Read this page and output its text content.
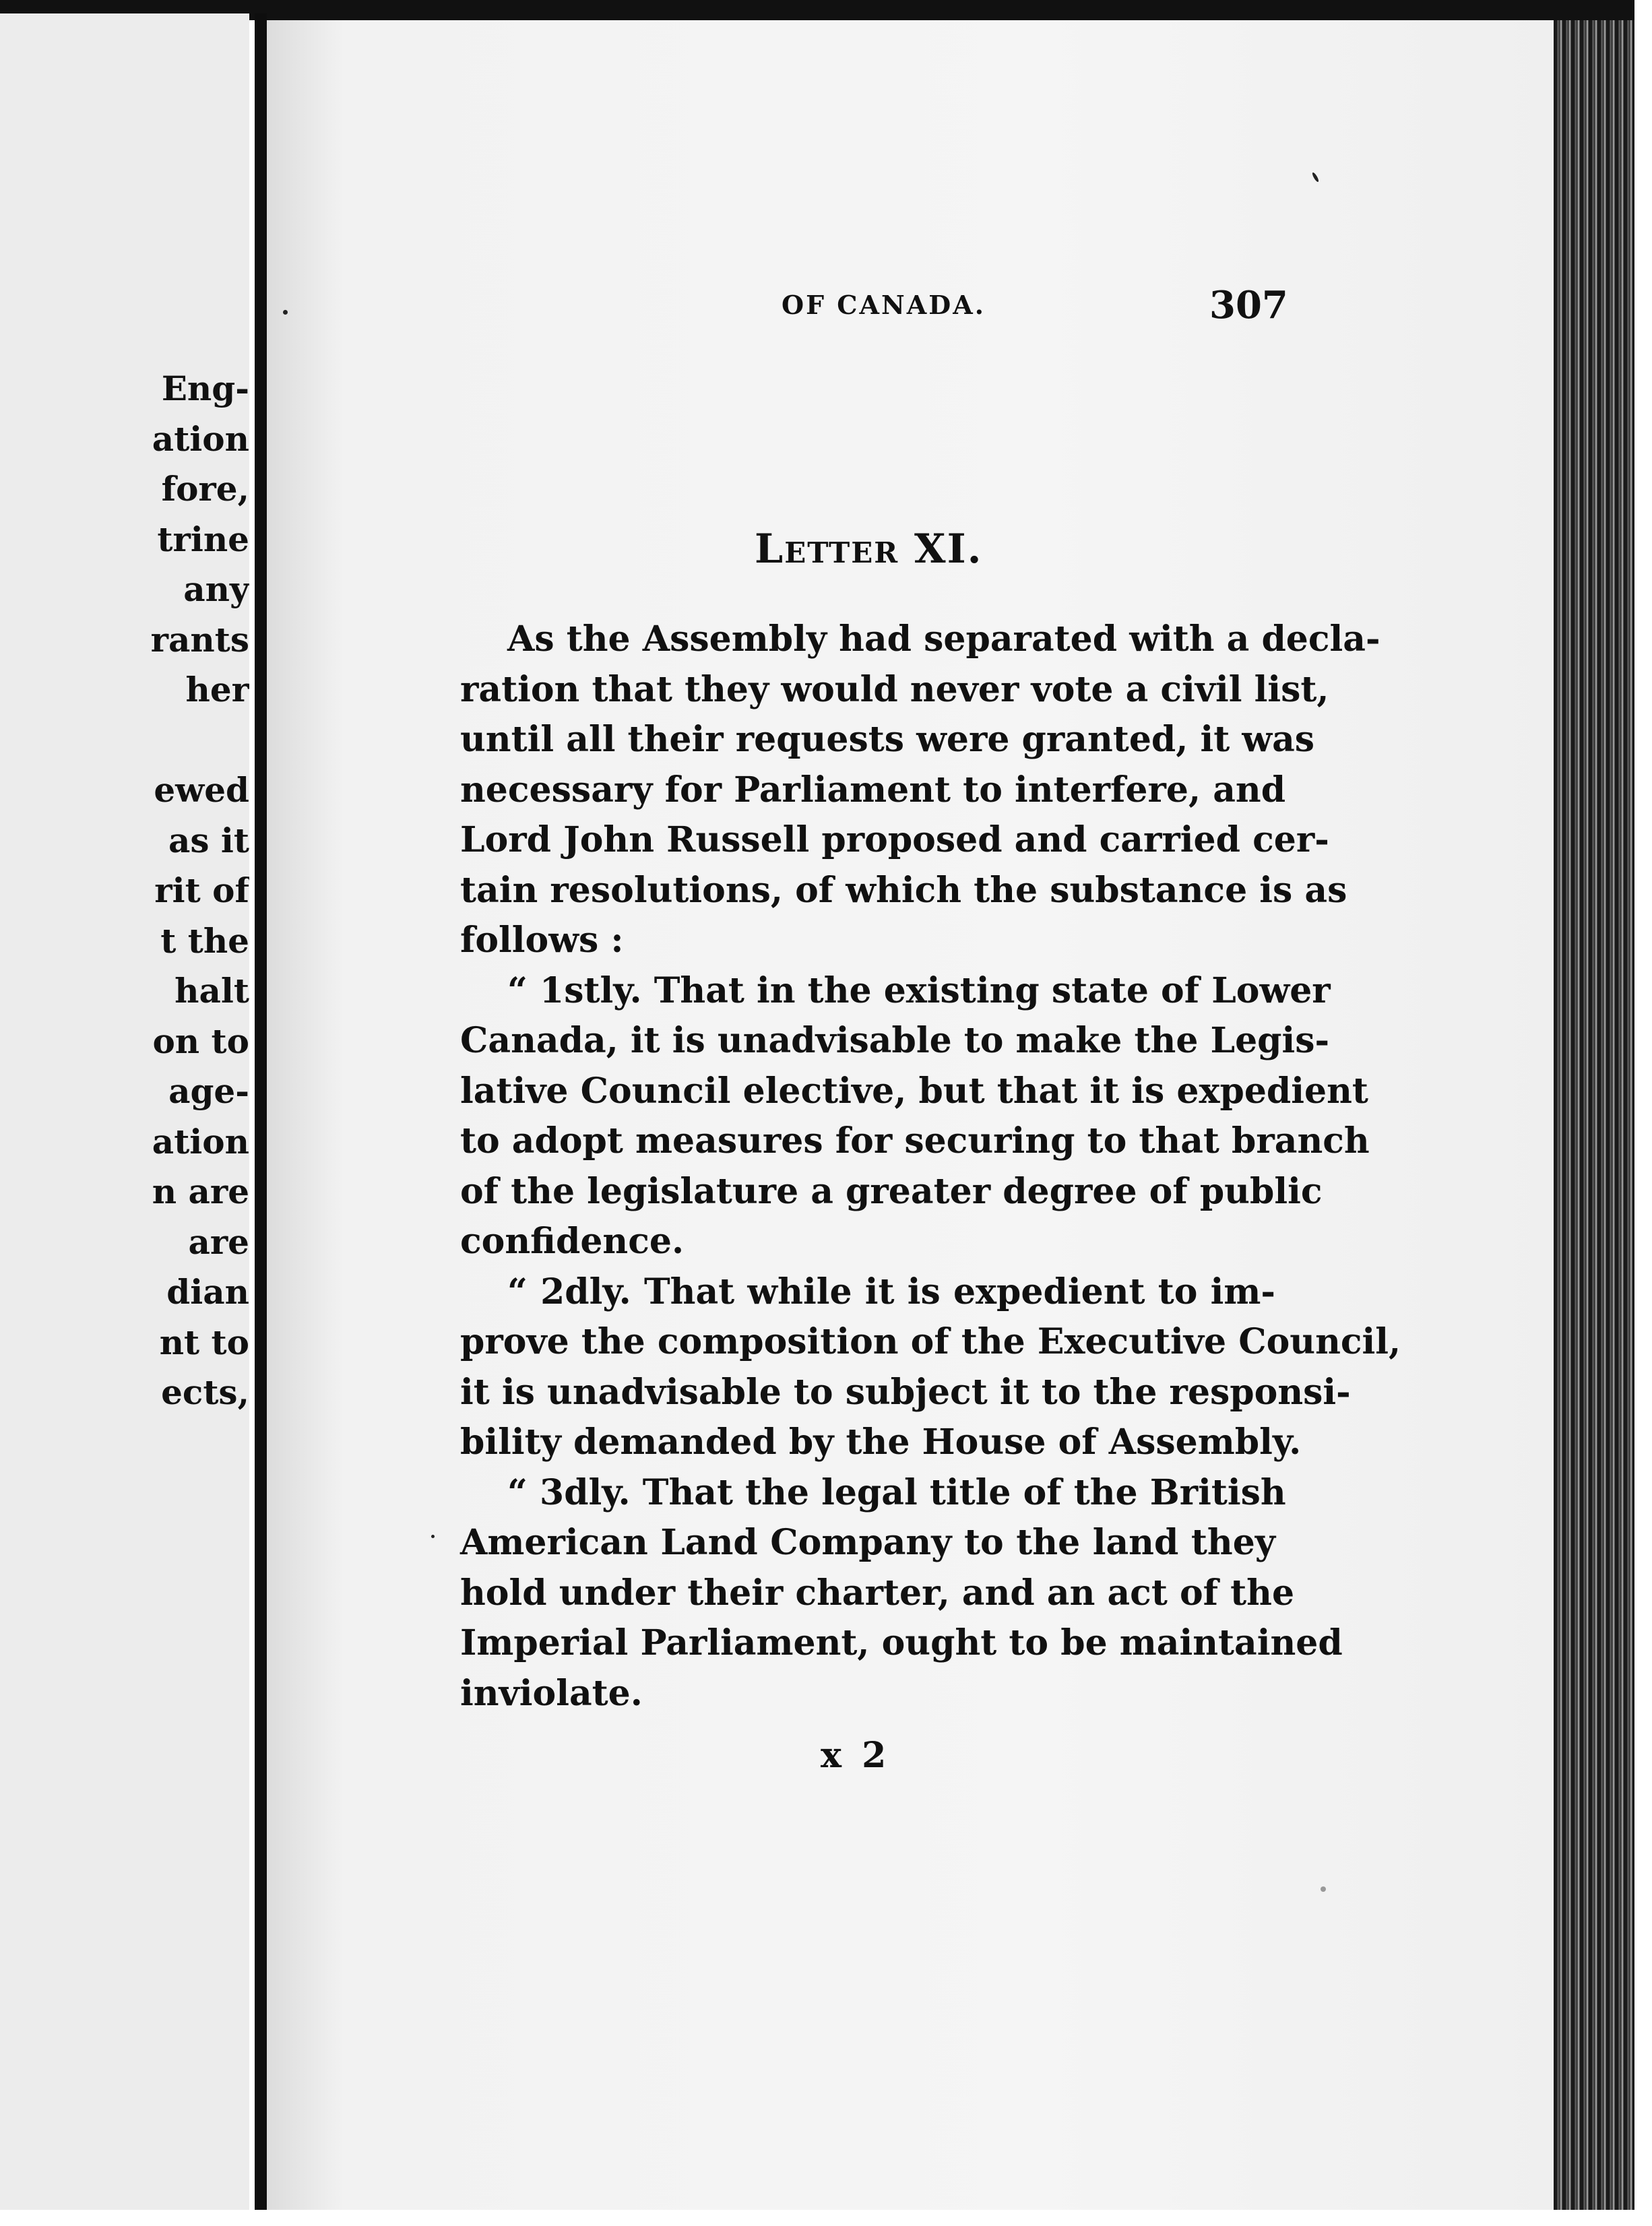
Eng-
ation
fore,
trine
any
rants
her

ewed
as it
rit of
t the
halt
on to
age-
ation
n are
are
dian
nt to
ects,
OF CANADA.	307
Letter XI.
As the Assembly had separated with a decla-
ration that they would never vote a civil list,
until all their requests were granted, it was
necessary for Parliament to interfere, and
Lord John Russell proposed and carried cer-
tain resolutions, of which the substance is as
follows :
“ 1stly. That in the existing state of Lower
Canada, it is unadvisable to make the Legis-
lative Council elective, but that it is expedient
to adopt measures for securing to that branch
of the legislature a greater degree of public
confidence.
“ 2dly. That while it is expedient to im-
prove the composition of the Executive Council,
it is unadvisable to subject it to the responsi-
bility demanded by the House of Assembly.
“ 3dly. That the legal title of the British
American Land Company to the land they
hold under their charter, and an act of the
Imperial Parliament, ought to be maintained
inviolate.
x 2
